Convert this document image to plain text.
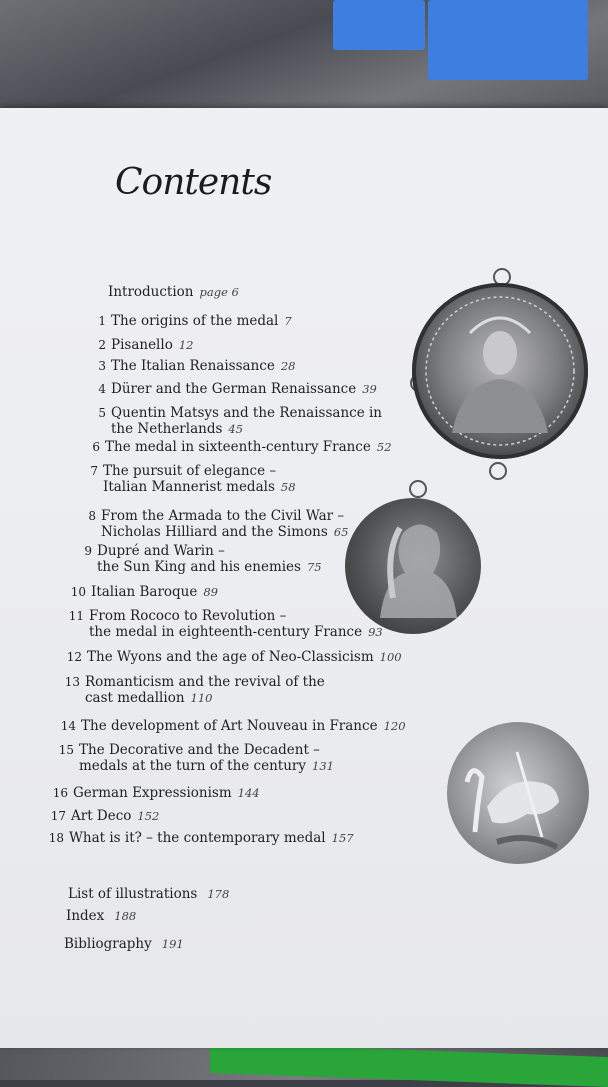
Contents
Introduction page 6
1 The origins of the medal 7
2 Pisanello 12
3 The Italian Renaissance 28
4 Dürer and the German Renaissance 39
5 Quentin Matsys and the Renaissance in
the Netherlands 45
6 The medal in sixteenth-century France 52
7 The pursuit of elegance –
Italian Mannerist medals 58
8 From the Armada to the Civil War –
Nicholas Hilliard and the Simons 65
9 Dupré and Warin –
the Sun King and his enemies 75
10 Italian Baroque 89
11 From Rococo to Revolution –
the medal in eighteenth-century France 93
12 The Wyons and the age of Neo-Classicism 100
13 Romanticism and the revival of the
cast medallion 110
14 The development of Art Nouveau in France 120
15 The Decorative and the Decadent –
medals at the turn of the century 131
16 German Expressionism 144
17 Art Deco 152
18 What is it? – the contemporary medal 157
List of illustrations 178
Index 188
Bibliography 191
